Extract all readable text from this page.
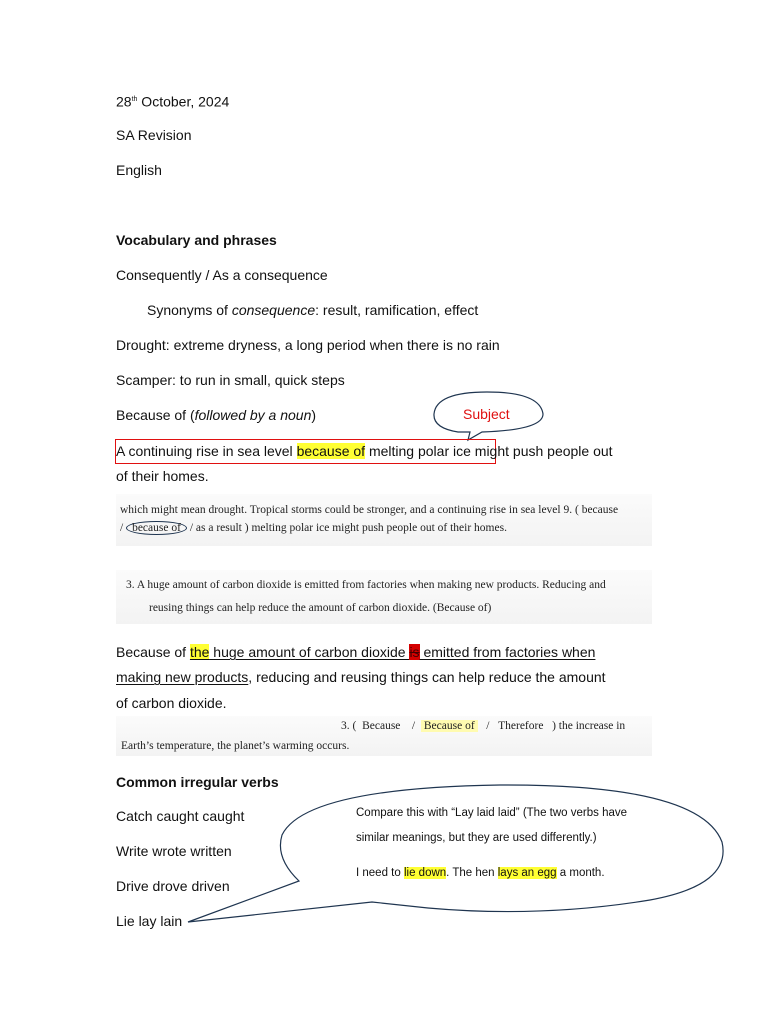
28th October, 2024
SA Revision
English
Vocabulary and phrases
Consequently / As a consequence
Synonyms of consequence: result, ramification, effect
Drought: extreme dryness, a long period when there is no rain
Scamper: to run in small, quick steps
Because of (followed by a noun)	Subject
A continuing rise in sea level because of melting polar ice might push people out
of their homes.
which might mean drought. Tropical storms could be stronger, and a continuing rise in sea level 9. ( because
/ because of / as a result ) melting polar ice might push people out of their homes.
3. A huge amount of carbon dioxide is emitted from factories when making new products. Reducing and
reusing things can help reduce the amount of carbon dioxide. (Because of)
Because of the huge amount of carbon dioxide is emitted from factories when
making new products, reducing and reusing things can help reduce the amount
of carbon dioxide.
3. ( Because / Because of / Therefore ) the increase in
Earth’s temperature, the planet’s warming occurs.
Common irregular verbs
Catch caught caught
Write wrote written
Drive drove driven
Lie lay lain
Compare this with “Lay laid laid” (The two verbs have
similar meanings, but they are used differently.)
I need to lie down. The hen lays an egg a month.
